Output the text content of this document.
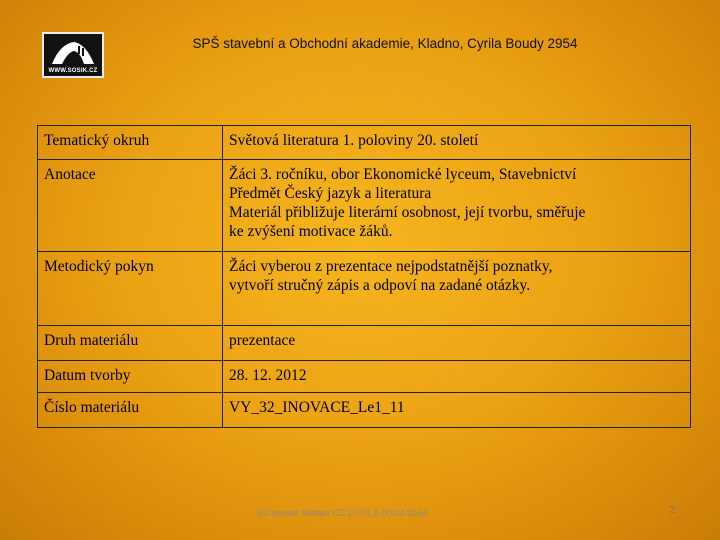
WWW.SOSIK.CZ
SPŠ stavební a Obchodní akademie, Kladno, Cyrila Boudy 2954
Tematický okruh	Světová literatura 1. poloviny 20. století

Anotace	Žáci 3. ročníku, obor Ekonomické lyceum, Stavebnictví
Předmět Český jazyk a literatura
Materiál přibližuje literární osobnost, její tvorbu, směřuje
ke zvýšení motivace žáků.

Metodický pokyn	Žáci vyberou z prezentace nejpodstatnější poznatky,
vytvoří stručný zápis a odpoví na zadané otázky.

Druh materiálu	prezentace

Datum tvorby	28. 12. 2012

Číslo materiálu	VY_32_INOVACE_Le1_11
EU peníze školám CZ.1.07/1.5.00/34.0154	2
